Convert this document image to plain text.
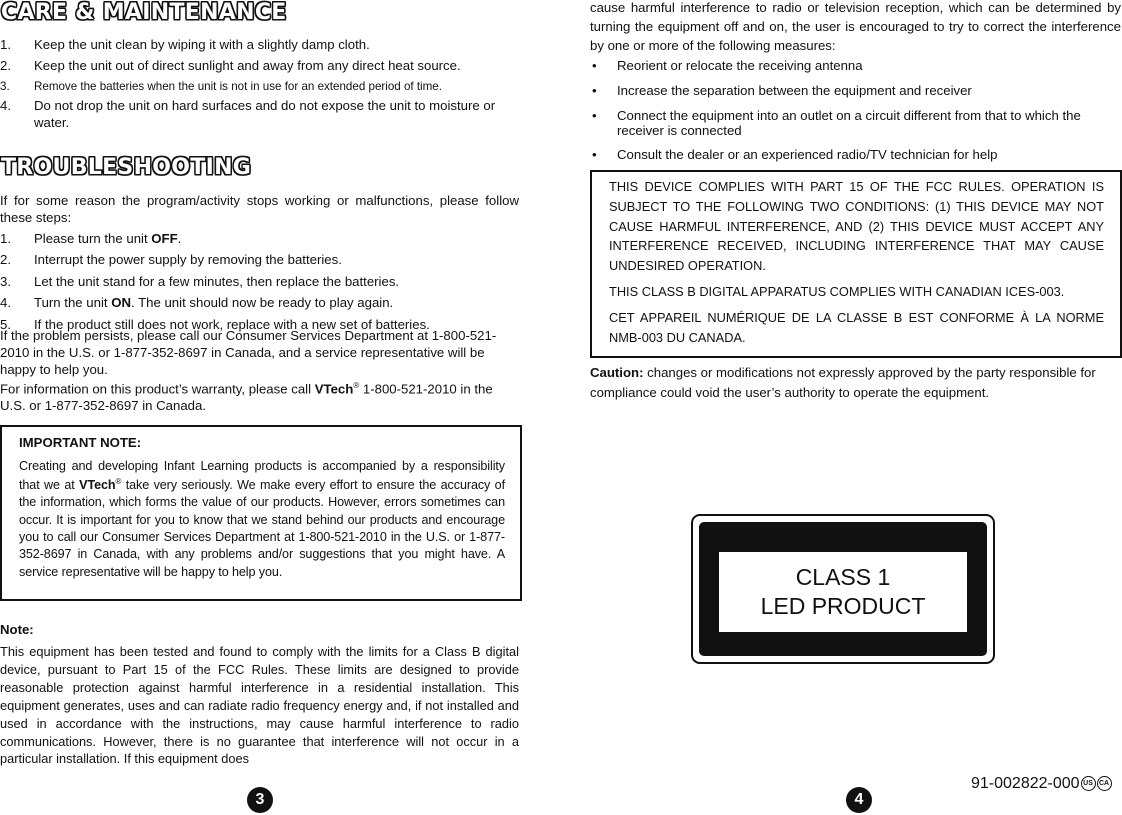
CARE & MAINTENANCE
1. Keep the unit clean by wiping it with a slightly damp cloth.
2. Keep the unit out of direct sunlight and away from any direct heat source.
3. Remove the batteries when the unit is not in use for an extended period of time.
4. Do not drop the unit on hard surfaces and do not expose the unit to moisture or water.
TROUBLESHOOTING

If for some reason the program/activity stops working or malfunctions, please follow these steps:

1. Please turn the unit OFF.
2. Interrupt the power supply by removing the batteries.
3. Let the unit stand for a few minutes, then replace the batteries.
4. Turn the unit ON. The unit should now be ready to play again.
5. If the product still does not work, replace with a new set of batteries.

If the problem persists, please call our Consumer Services Department at 1-800-521-2010 in the U.S. or 1-877-352-8697 in Canada, and a service representative will be happy to help you.

For information on this product’s warranty, please call VTech® 1-800-521-2010 in the U.S. or 1-877-352-8697 in Canada.

IMPORTANT NOTE:

Creating and developing Infant Learning products is accompanied by a responsibility that we at VTech® take very seriously. We make every effort to ensure the accuracy of the information, which forms the value of our products. However, errors sometimes can occur. It is important for you to know that we stand behind our products and encourage you to call our Consumer Services Department at 1-800-521-2010 in the U.S. or 1-877-352-8697 in Canada, with any problems and/or suggestions that you might have. A service representative will be happy to help you.

Note:

This equipment has been tested and found to comply with the limits for a Class B digital device, pursuant to Part 15 of the FCC Rules. These limits are designed to provide reasonable protection against harmful interference in a residential installation. This equipment generates, uses and can radiate radio frequency energy and, if not installed and used in accordance with the instructions, may cause harmful interference to radio communications. However, there is no guarantee that interference will not occur in a particular installation. If this equipment does

cause harmful interference to radio or television reception, which can be determined by turning the equipment off and on, the user is encouraged to try to correct the interference by one or more of the following measures:

• Reorient or relocate the receiving antenna
• Increase the separation between the equipment and receiver
• Connect the equipment into an outlet on a circuit different from that to which the receiver is connected
• Consult the dealer or an experienced radio/TV technician for help

THIS DEVICE COMPLIES WITH PART 15 OF THE FCC RULES. OPERATION IS SUBJECT TO THE FOLLOWING TWO CONDITIONS: (1) THIS DEVICE MAY NOT CAUSE HARMFUL INTERFERENCE, AND (2) THIS DEVICE MUST ACCEPT ANY INTERFERENCE RECEIVED, INCLUDING INTERFERENCE THAT MAY CAUSE UNDESIRED OPERATION.

THIS CLASS B DIGITAL APPARATUS COMPLIES WITH CANADIAN ICES-003.

CET APPAREIL NUMÉRIQUE DE LA CLASSE B EST CONFORME À LA NORME NMB-003 DU CANADA.

Caution: changes or modifications not expressly approved by the party responsible for compliance could void the user’s authority to operate the equipment.

CLASS 1
LED PRODUCT
3	4
91-002822-000 US CA
